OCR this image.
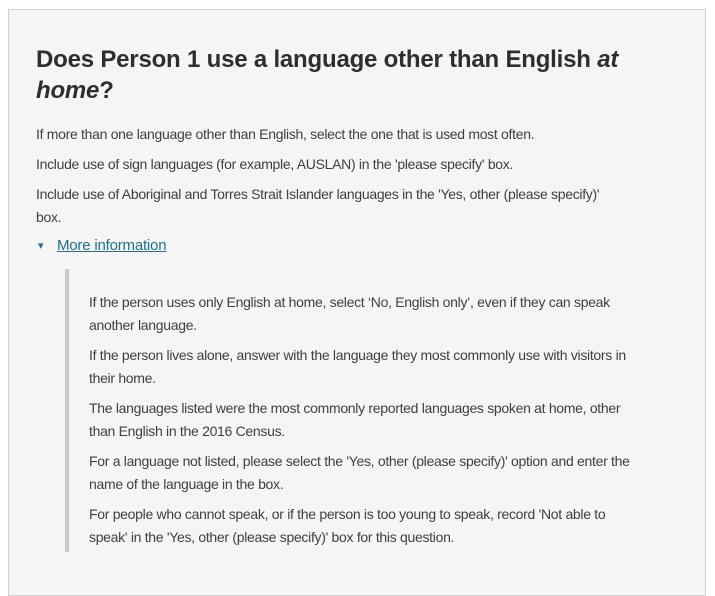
Does Person 1 use a language other than English at home?

If more than one language other than English, select the one that is used most often.

Include use of sign languages (for example, AUSLAN) in the 'please specify' box.

Include use of Aboriginal and Torres Strait Islander languages in the 'Yes, other (please specify)'
box.

▾ More information

If the person uses only English at home, select ‘No, English only’, even if they can speak
another language.

If the person lives alone, answer with the language they most commonly use with visitors in
their home.

The languages listed were the most commonly reported languages spoken at home, other
than English in the 2016 Census.

For a language not listed, please select the 'Yes, other (please specify)' option and enter the
name of the language in the box.

For people who cannot speak, or if the person is too young to speak, record 'Not able to
speak' in the 'Yes, other (please specify)' box for this question.
